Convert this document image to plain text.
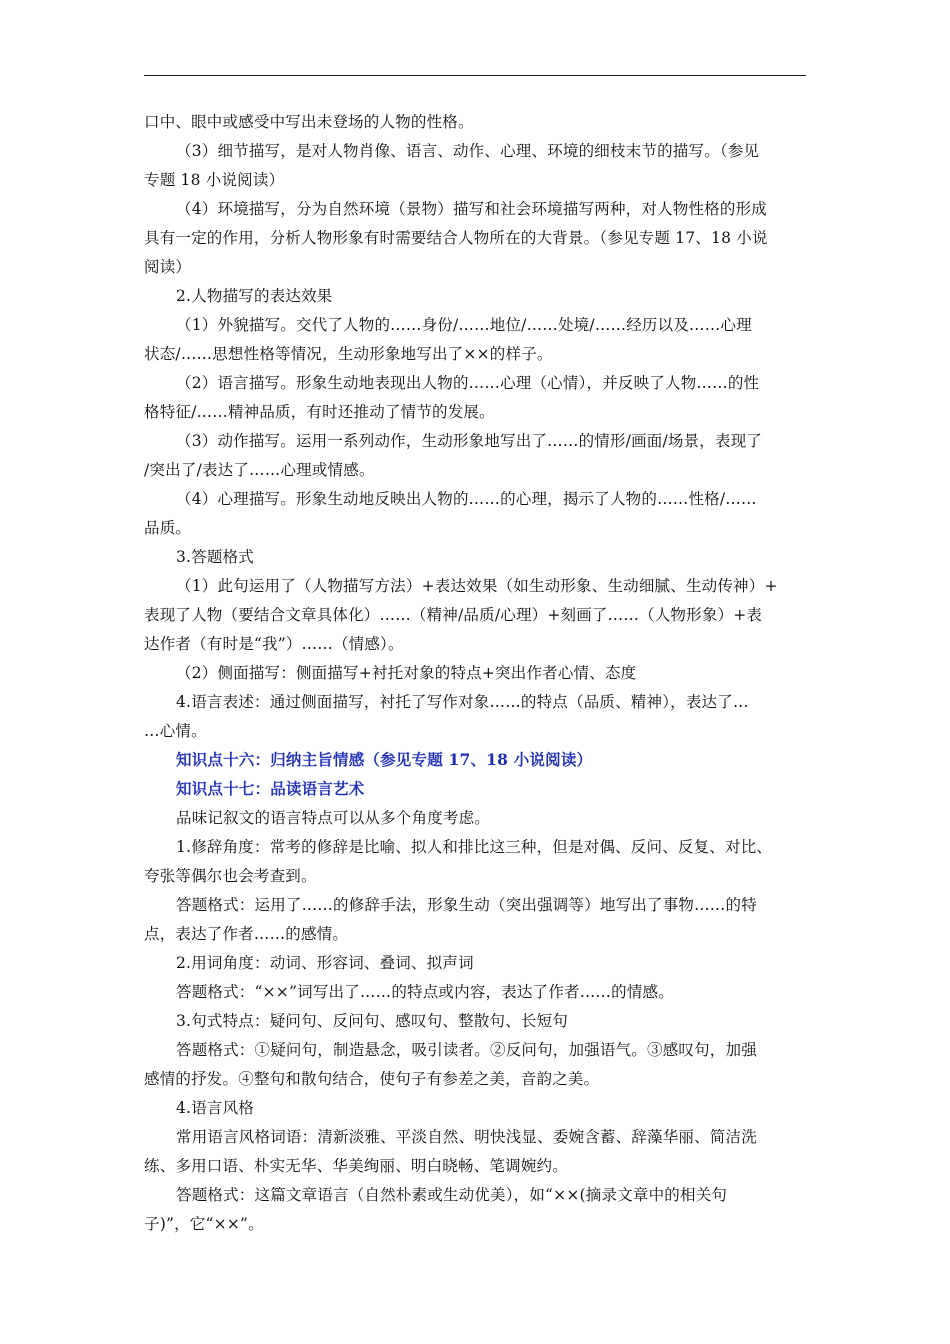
口中、眼中或感受中写出未登场的人物的性格。
（3）细节描写，是对人物肖像、语言、动作、心理、环境的细枝末节的描写。（参见
专题 18 小说阅读）
（4）环境描写，分为自然环境（景物）描写和社会环境描写两种，对人物性格的形成
具有一定的作用，分析人物形象有时需要结合人物所在的大背景。（参见专题 17、18 小说
阅读）
2.人物描写的表达效果
（1）外貌描写。交代了人物的……身份/……地位/……处境/……经历以及……心理
状态/……思想性格等情况，生动形象地写出了××的样子。
（2）语言描写。形象生动地表现出人物的……心理（心情），并反映了人物……的性
格特征/……精神品质，有时还推动了情节的发展。
（3）动作描写。运用一系列动作，生动形象地写出了……的情形/画面/场景，表现了
/突出了/表达了……心理或情感。
（4）心理描写。形象生动地反映出人物的……的心理，揭示了人物的……性格/……
品质。
3.答题格式
（1）此句运用了（人物描写方法）+表达效果（如生动形象、生动细腻、生动传神）+
表现了人物（要结合文章具体化）……（精神/品质/心理）+刻画了……（人物形象）+表
达作者（有时是“我”）……（情感）。
（2）侧面描写：侧面描写+衬托对象的特点+突出作者心情、态度
4.语言表述：通过侧面描写，衬托了写作对象……的特点（品质、精神），表达了…
…心情。
知识点十六：归纳主旨情感（参见专题 17、18 小说阅读）
知识点十七：品读语言艺术
品味记叙文的语言特点可以从多个角度考虑。
1.修辞角度：常考的修辞是比喻、拟人和排比这三种，但是对偶、反问、反复、对比、
夸张等偶尔也会考查到。
答题格式：运用了……的修辞手法，形象生动（突出强调等）地写出了事物……的特
点，表达了作者……的感情。
2.用词角度：动词、形容词、叠词、拟声词
答题格式：“××”词写出了……的特点或内容，表达了作者……的情感。
3.句式特点：疑问句、反问句、感叹句、整散句、长短句
答题格式：①疑问句，制造悬念，吸引读者。②反问句，加强语气。③感叹句，加强
感情的抒发。④整句和散句结合，使句子有参差之美，音韵之美。
4.语言风格
常用语言风格词语：清新淡雅、平淡自然、明快浅显、委婉含蓄、辞藻华丽、简洁洗
练、多用口语、朴实无华、华美绚丽、明白晓畅、笔调婉约。
答题格式：这篇文章语言（自然朴素或生动优美），如“××(摘录文章中的相关句
子)”，它“××”。
